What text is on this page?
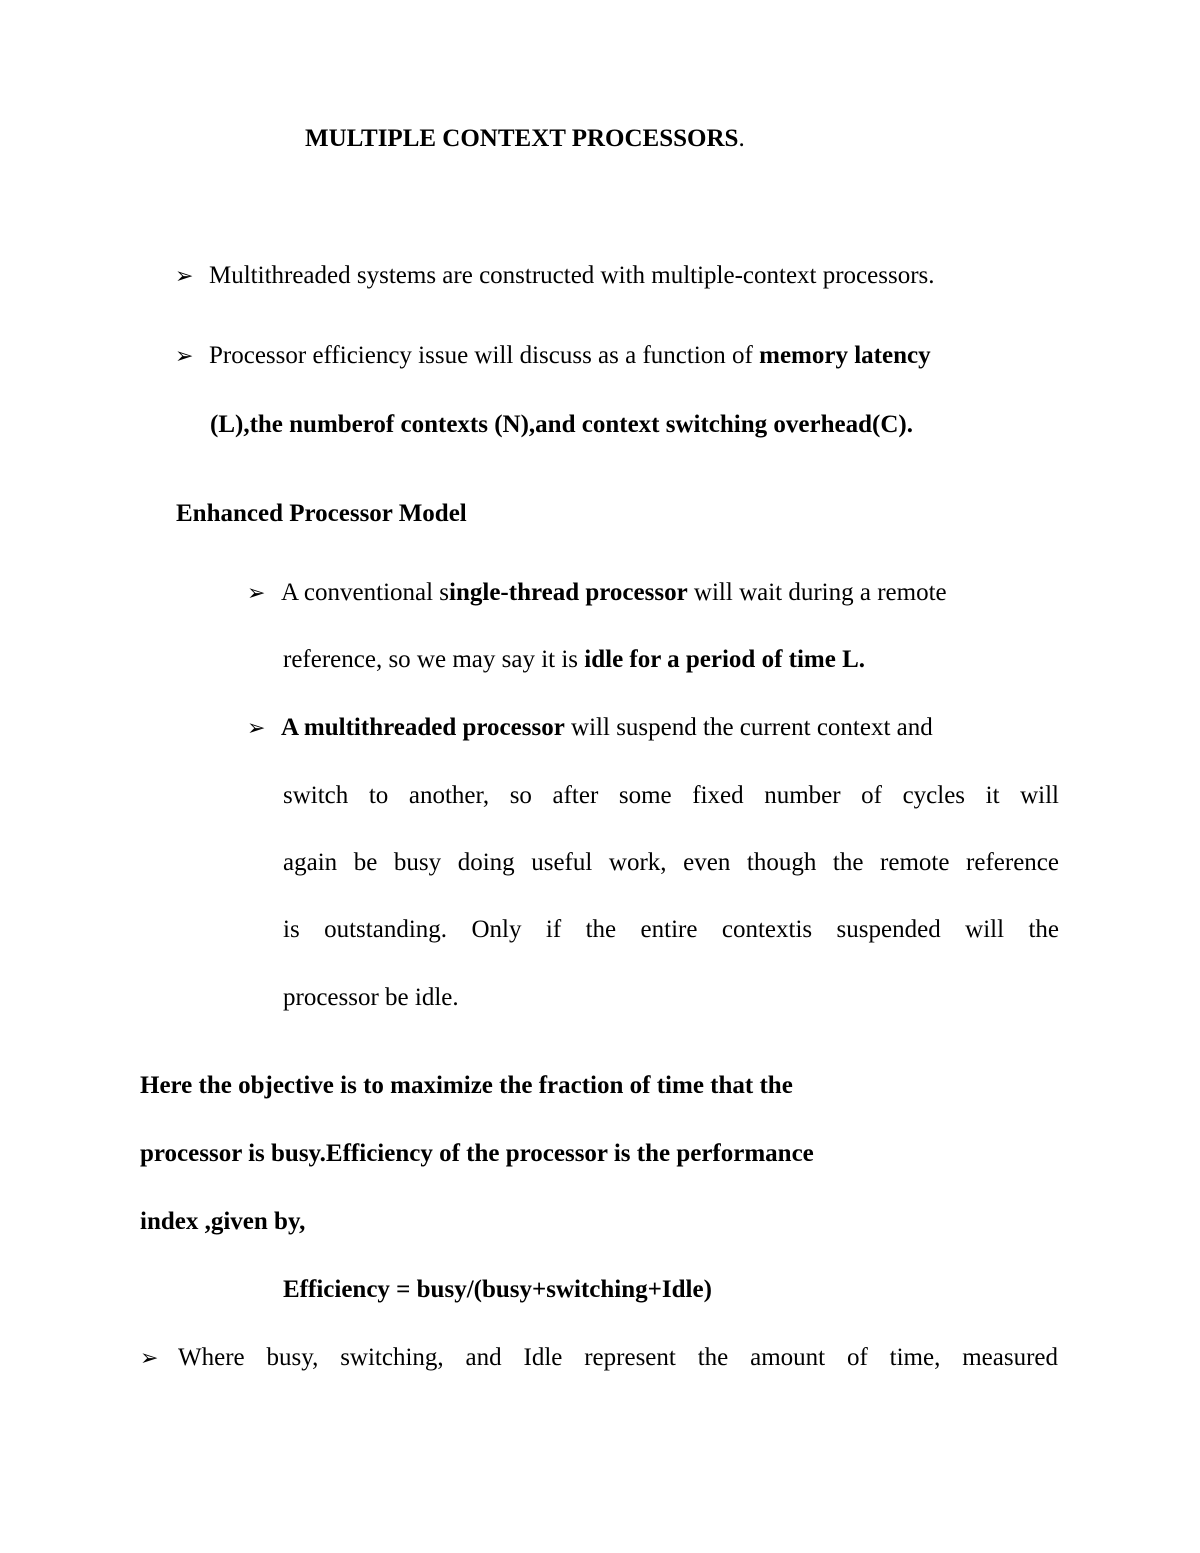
MULTIPLE CONTEXT PROCESSORS.
➢ Multithreaded systems are constructed with multiple-context processors.
➢ Processor efficiency issue will discuss as a function of memory latency
(L),the numberof contexts (N),and context switching overhead(C).
Enhanced Processor Model
➢ A conventional single-thread processor will wait during a remote
reference, so we may say it is idle for a period of time L.
➢ A multithreaded processor will suspend the current context and
switch to another, so after some fixed number of cycles it will
again be busy doing useful work, even though the remote reference
is outstanding. Only if the entire contextis suspended will the
processor be idle.
Here the objective is to maximize the fraction of time that the
processor is busy.Efficiency of the processor is the performance
index ,given by,
Efficiency = busy/(busy+switching+Idle)
➢ Where busy, switching, and Idle represent the amount of time, measured
